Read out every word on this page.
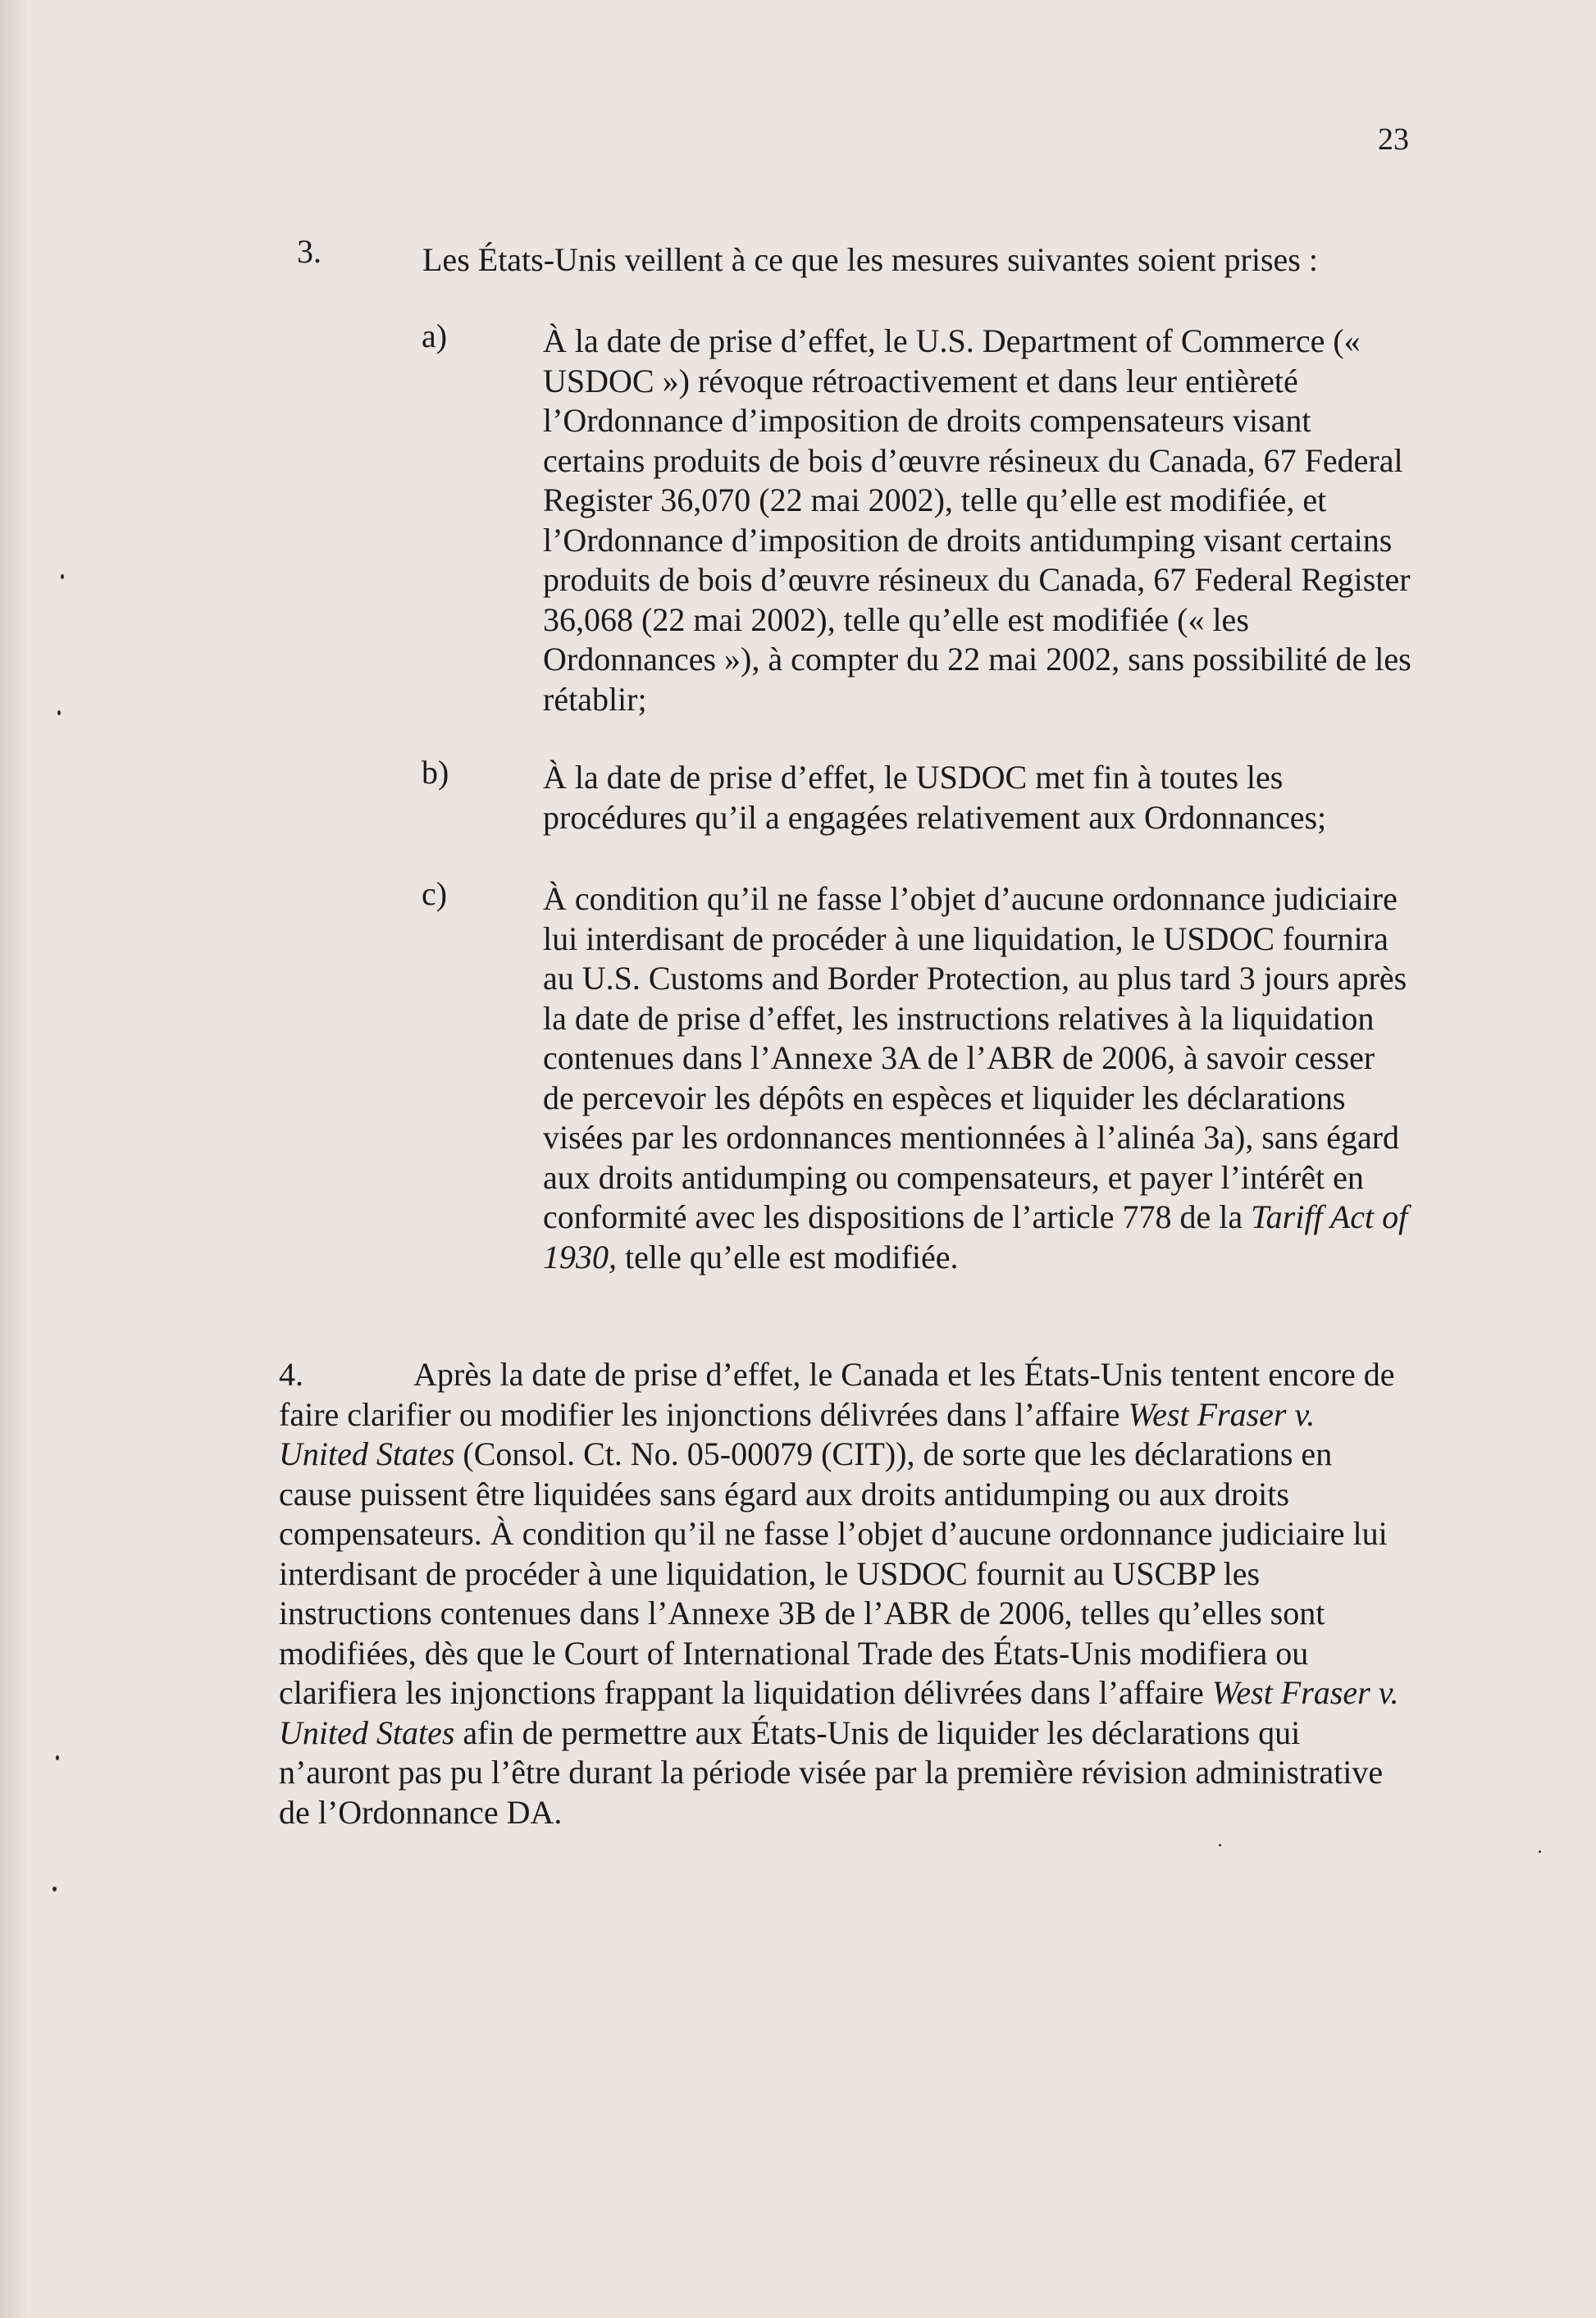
23

3.	Les États-Unis veillent à ce que les mesures suivantes soient prises :

a)	À la date de prise d’effet, le U.S. Department of Commerce (« USDOC ») révoque rétroactivement et dans leur entièreté l’Ordonnance d’imposition de droits compensateurs visant certains produits de bois d’œuvre résineux du Canada, 67 Federal Register 36,070 (22 mai 2002), telle qu’elle est modifiée, et l’Ordonnance d’imposition de droits antidumping visant certains produits de bois d’œuvre résineux du Canada, 67 Federal Register 36,068 (22 mai 2002), telle qu’elle est modifiée (« les Ordonnances »), à compter du 22 mai 2002, sans possibilité de les rétablir;

b)	À la date de prise d’effet, le USDOC met fin à toutes les procédures qu’il a engagées relativement aux Ordonnances;

c)	À condition qu’il ne fasse l’objet d’aucune ordonnance judiciaire lui interdisant de procéder à une liquidation, le USDOC fournira au U.S. Customs and Border Protection, au plus tard 3 jours après la date de prise d’effet, les instructions relatives à la liquidation contenues dans l’Annexe 3A de l’ABR de 2006, à savoir cesser de percevoir les dépôts en espèces et liquider les déclarations visées par les ordonnances mentionnées à l’alinéa 3a), sans égard aux droits antidumping ou compensateurs, et payer l’intérêt en conformité avec les dispositions de l’article 778 de la Tariff Act of 1930, telle qu’elle est modifiée.

4.	Après la date de prise d’effet, le Canada et les États-Unis tentent encore de faire clarifier ou modifier les injonctions délivrées dans l’affaire West Fraser v. United States (Consol. Ct. No. 05-00079 (CIT)), de sorte que les déclarations en cause puissent être liquidées sans égard aux droits antidumping ou aux droits compensateurs. À condition qu’il ne fasse l’objet d’aucune ordonnance judiciaire lui interdisant de procéder à une liquidation, le USDOC fournit au USCBP les instructions contenues dans l’Annexe 3B de l’ABR de 2006, telles qu’elles sont modifiées, dès que le Court of International Trade des États-Unis modifiera ou clarifiera les injonctions frappant la liquidation délivrées dans l’affaire West Fraser v. United States afin de permettre aux États-Unis de liquider les déclarations qui n’auront pas pu l’être durant la période visée par la première révision administrative de l’Ordonnance DA.
